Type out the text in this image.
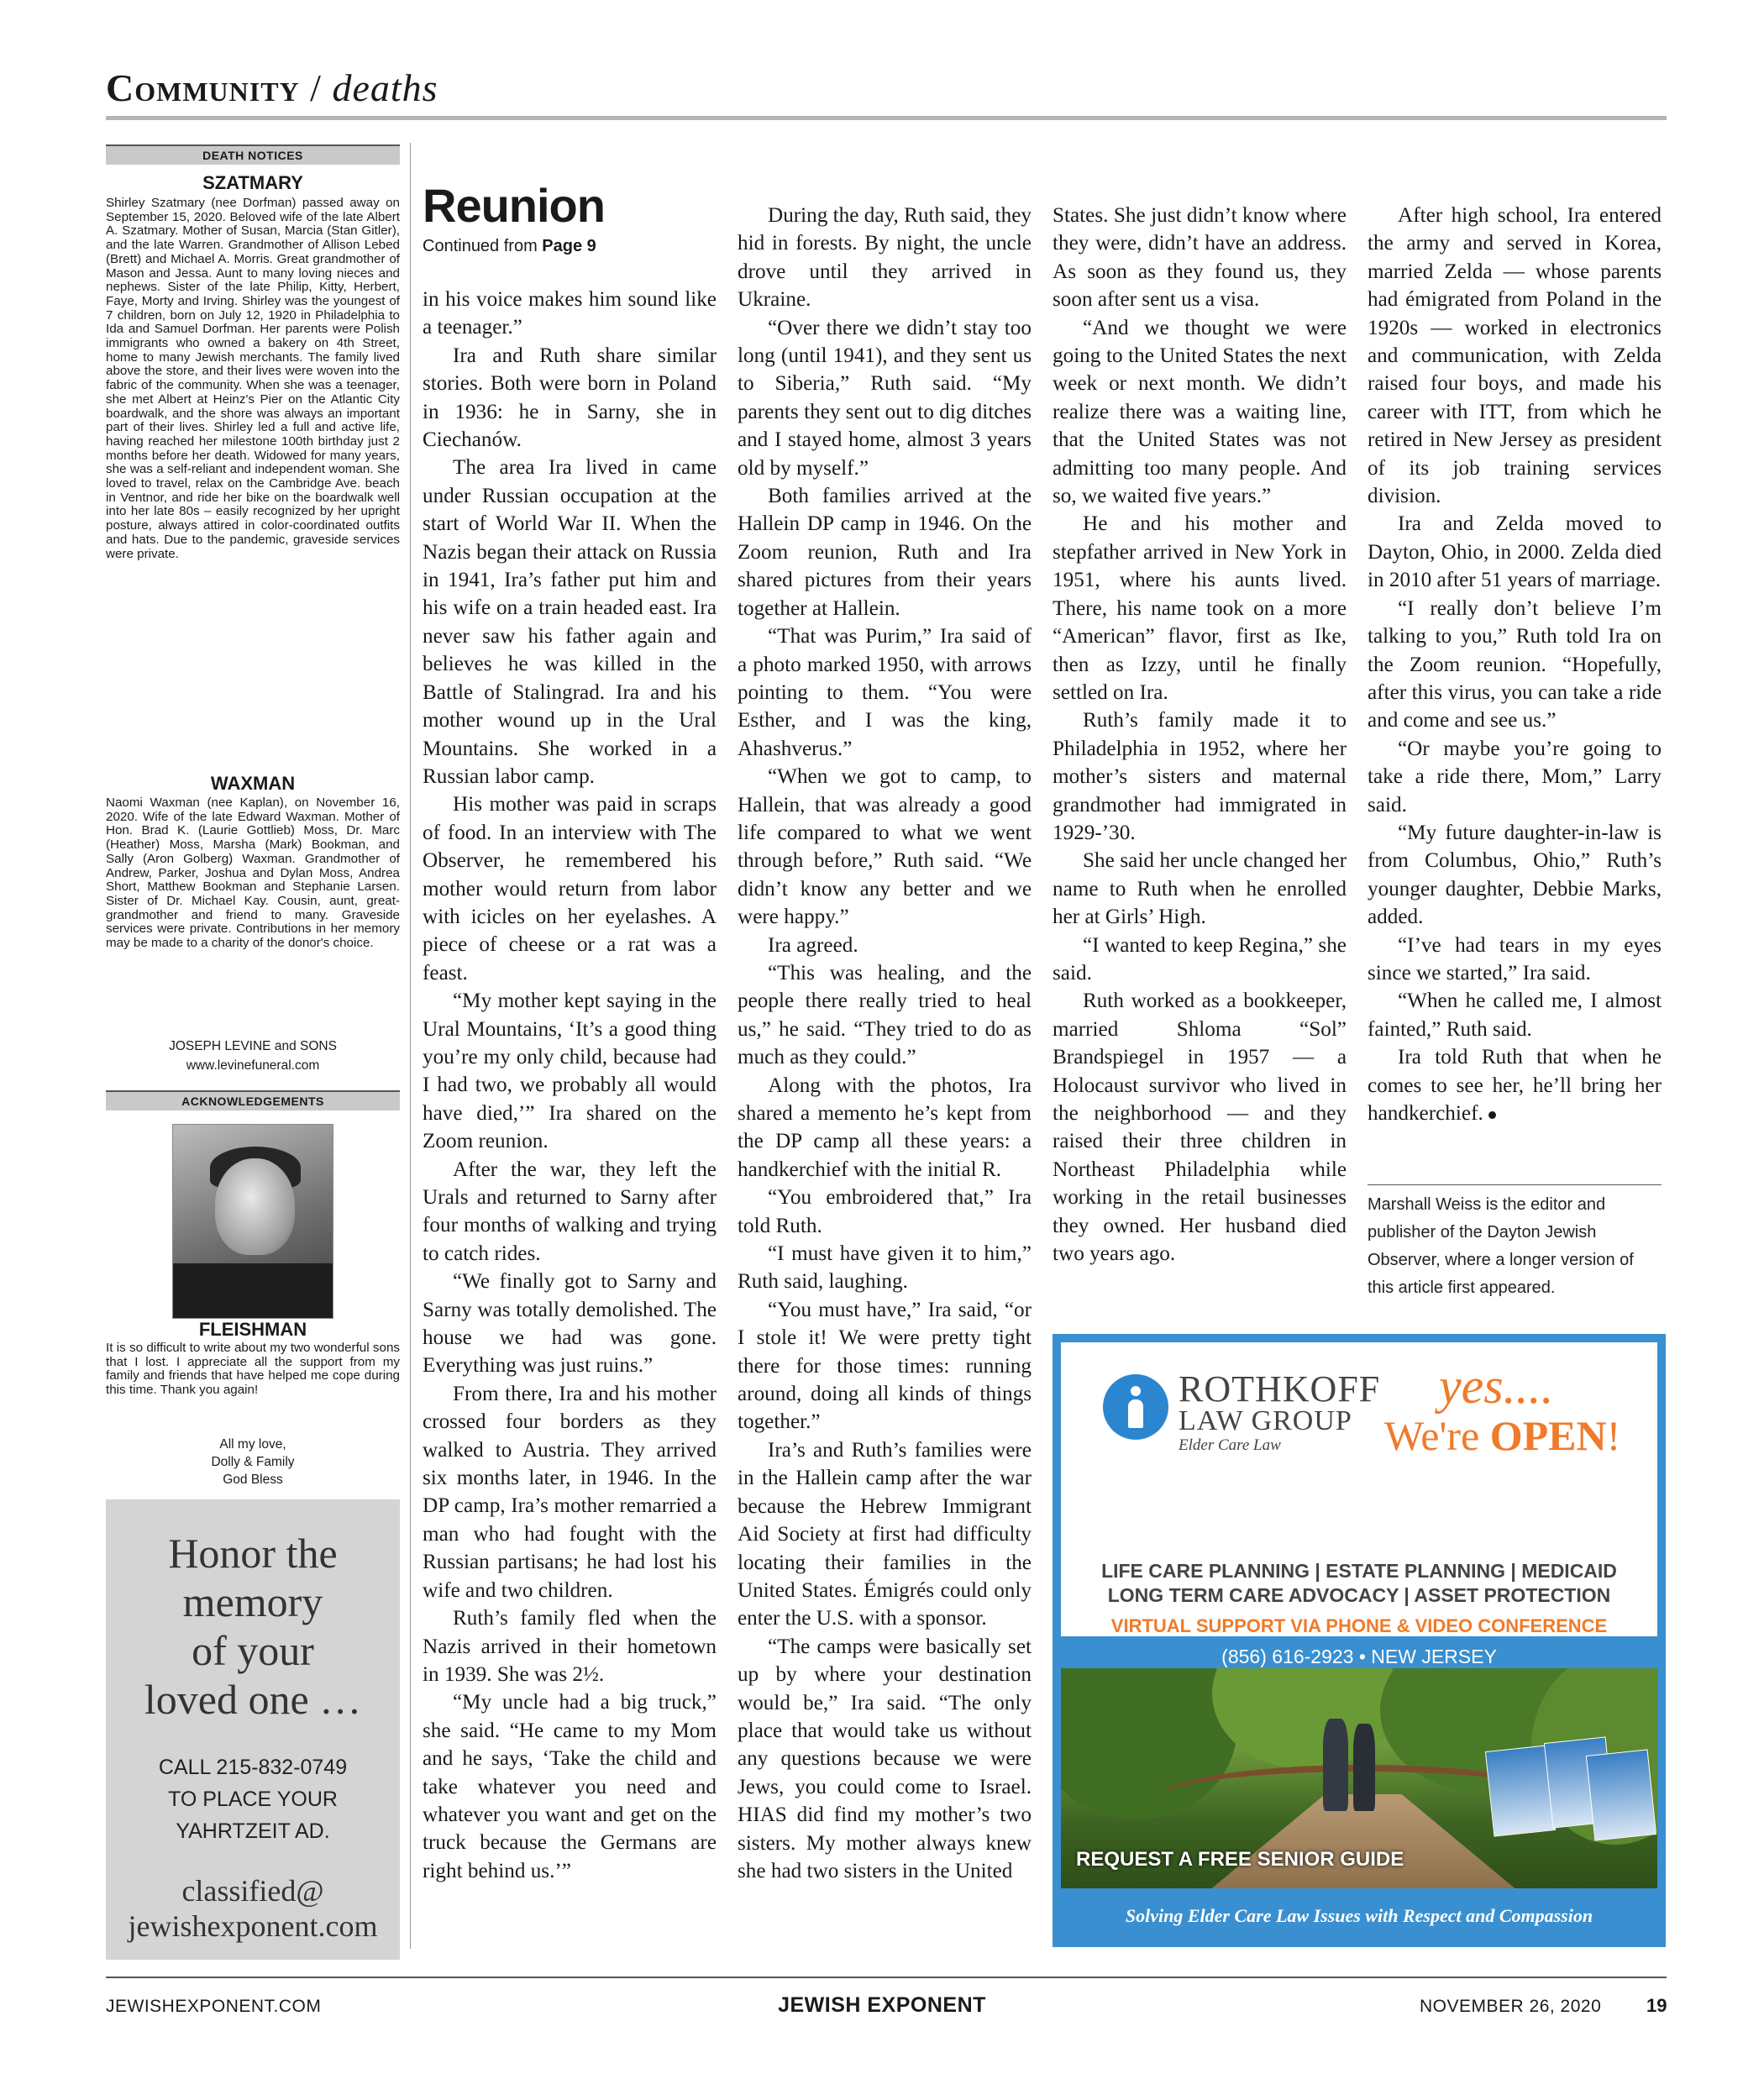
Community / deaths
DEATH NOTICES
SZATMARY
Shirley Szatmary (nee Dorfman) passed away on September 15, 2020. Beloved wife of the late Albert A. Szatmary. Mother of Susan, Marcia (Stan Gitler), and the late Warren. Grandmother of Allison Lebed (Brett) and Michael A. Morris. Great grandmother of Mason and Jessa. Aunt to many loving nieces and nephews. Sister of the late Philip, Kitty, Herbert, Faye, Morty and Irving. Shirley was the youngest of 7 children, born on July 12, 1920 in Philadelphia to Ida and Samuel Dorfman. Her parents were Polish immigrants who owned a bakery on 4th Street, home to many Jewish merchants. The family lived above the store, and their lives were woven into the fabric of the community. When she was a teenager, she met Albert at Heinz's Pier on the Atlantic City boardwalk, and the shore was always an important part of their lives. Shirley led a full and active life, having reached her milestone 100th birthday just 2 months before her death. Widowed for many years, she was a self-reliant and independent woman. She loved to travel, relax on the Cambridge Ave. beach in Ventnor, and ride her bike on the boardwalk well into her late 80s – easily recognized by her upright posture, always attired in color-coordinated outfits and hats. Due to the pandemic, graveside services were private.
WAXMAN
Naomi Waxman (nee Kaplan), on November 16, 2020. Wife of the late Edward Waxman. Mother of Hon. Brad K. (Laurie Gottlieb) Moss, Dr. Marc (Heather) Moss, Marsha (Mark) Bookman, and Sally (Aron Golberg) Waxman. Grandmother of Andrew, Parker, Joshua and Dylan Moss, Andrea Short, Matthew Bookman and Stephanie Larsen. Sister of Dr. Michael Kay. Cousin, aunt, great-grandmother and friend to many. Graveside services were private. Contributions in her memory may be made to a charity of the donor's choice.
JOSEPH LEVINE and SONS
www.levinefuneral.com
ACKNOWLEDGEMENTS
FLEISHMAN
It is so difficult to write about my two wonderful sons that I lost. I appreciate all the support from my family and friends that have helped me cope during this time. Thank you again!
All my love,
Dolly & Family
God Bless
Honor the
memory
of your
loved one …
CALL 215-832-0749
TO PLACE YOUR
YAHRTZEIT AD.
classified@
jewishexponent.com
Reunion
Continued from Page 9

in his voice makes him sound like a teenager.”

Ira and Ruth share similar stories. Both were born in Poland in 1936: he in Sarny, she in Ciechanów.

The area Ira lived in came under Russian occupation at the start of World War II. When the Nazis began their attack on Russia in 1941, Ira’s father put him and his wife on a train headed east. Ira never saw his father again and believes he was killed in the Battle of Stalingrad. Ira and his mother wound up in the Ural Mountains. She worked in a Russian labor camp.

His mother was paid in scraps of food. In an interview with The Observer, he remembered his mother would return from labor with icicles on her eyelashes. A piece of cheese or a rat was a feast.

“My mother kept saying in the Ural Mountains, ‘It’s a good thing you’re my only child, because had I had two, we probably all would have died,’” Ira shared on the Zoom reunion.

After the war, they left the Urals and returned to Sarny after four months of walking and trying to catch rides.

“We finally got to Sarny and Sarny was totally demolished. The house we had was gone. Everything was just ruins.”

From there, Ira and his mother crossed four borders as they walked to Austria. They arrived six months later, in 1946. In the DP camp, Ira’s mother remarried a man who had fought with the Russian partisans; he had lost his wife and two children.

Ruth’s family fled when the Nazis arrived in their hometown in 1939. She was 2½.

“My uncle had a big truck,” she said. “He came to my Mom and he says, ‘Take the child and take whatever you need and whatever you want and get on the truck because the Germans are right behind us.’”

During the day, Ruth said, they hid in forests. By night, the uncle drove until they arrived in Ukraine.

“Over there we didn’t stay too long (until 1941), and they sent us to Siberia,” Ruth said. “My parents they sent out to dig ditches and I stayed home, almost 3 years old by myself.”

Both families arrived at the Hallein DP camp in 1946. On the Zoom reunion, Ruth and Ira shared pictures from their years together at Hallein.

“That was Purim,” Ira said of a photo marked 1950, with arrows pointing to them. “You were Esther, and I was the king, Ahashverus.”

“When we got to camp, to Hallein, that was already a good life compared to what we went through before,” Ruth said. “We didn’t know any better and we were happy.”

Ira agreed.

“This was healing, and the people there really tried to heal us,” he said. “They tried to do as much as they could.”

Along with the photos, Ira shared a memento he’s kept from the DP camp all these years: a handkerchief with the initial R.

“You embroidered that,” Ira told Ruth.

“I must have given it to him,” Ruth said, laughing.

“You must have,” Ira said, “or I stole it! We were pretty tight there for those times: running around, doing all kinds of things together.”

Ira’s and Ruth’s families were in the Hallein camp after the war because the Hebrew Immigrant Aid Society at first had difficulty locating their families in the United States. Émigrés could only enter the U.S. with a sponsor.

“The camps were basically set up by where your destination would be,” Ira said. “The only place that would take us without any questions because we were Jews, you could come to Israel. HIAS did find my mother’s two sisters. My mother always knew she had two sisters in the United

States. She just didn’t know where they were, didn’t have an address. As soon as they found us, they soon after sent us a visa.

“And we thought we were going to the United States the next week or next month. We didn’t realize there was a waiting line, that the United States was not admitting too many people. And so, we waited five years.”

He and his mother and stepfather arrived in New York in 1951, where his aunts lived. There, his name took on a more “American” flavor, first as Ike, then as Izzy, until he finally settled on Ira.

Ruth’s family made it to Philadelphia in 1952, where her mother’s sisters and maternal grandmother had immigrated in 1929-’30.

She said her uncle changed her name to Ruth when he enrolled her at Girls’ High.

“I wanted to keep Regina,” she said.

Ruth worked as a bookkeeper, married Shloma “Sol” Brandspiegel in 1957 — a Holocaust survivor who lived in the neighborhood — and they raised their three children in Northeast Philadelphia while working in the retail businesses they owned. Her husband died two years ago.

After high school, Ira entered the army and served in Korea, married Zelda — whose parents had émigrated from Poland in the 1920s — worked in electronics and communication, with Zelda raised four boys, and made his career with ITT, from which he retired in New Jersey as president of its job training services division.

Ira and Zelda moved to Dayton, Ohio, in 2000. Zelda died in 2010 after 51 years of marriage.

“I really don’t believe I’m talking to you,” Ruth told Ira on the Zoom reunion. “Hopefully, after this virus, you can take a ride and come and see us.”

“Or maybe you’re going to take a ride there, Mom,” Larry said.

“My future daughter-in-law is from Columbus, Ohio,” Ruth’s younger daughter, Debbie Marks, added.

“I’ve had tears in my eyes since we started,” Ira said.

“When he called me, I almost fainted,” Ruth said.

Ira told Ruth that when he comes to see her, he’ll bring her handkerchief.

Marshall Weiss is the editor and publisher of the Dayton Jewish Observer, where a longer version of this article first appeared.
ROTHKOFF
LAW GROUP
Elder Care Law
yes....
We're OPEN!
LIFE CARE PLANNING | ESTATE PLANNING | MEDICAID
LONG TERM CARE ADVOCACY | ASSET PROTECTION
VIRTUAL SUPPORT VIA PHONE & VIDEO CONFERENCE
(856) 616-2923 • NEW JERSEY
REQUEST A FREE SENIOR GUIDE
Solving Elder Care Law Issues with Respect and Compassion
JEWISHEXPONENT.COM	JEWISH EXPONENT	NOVEMBER 26, 2020 19
